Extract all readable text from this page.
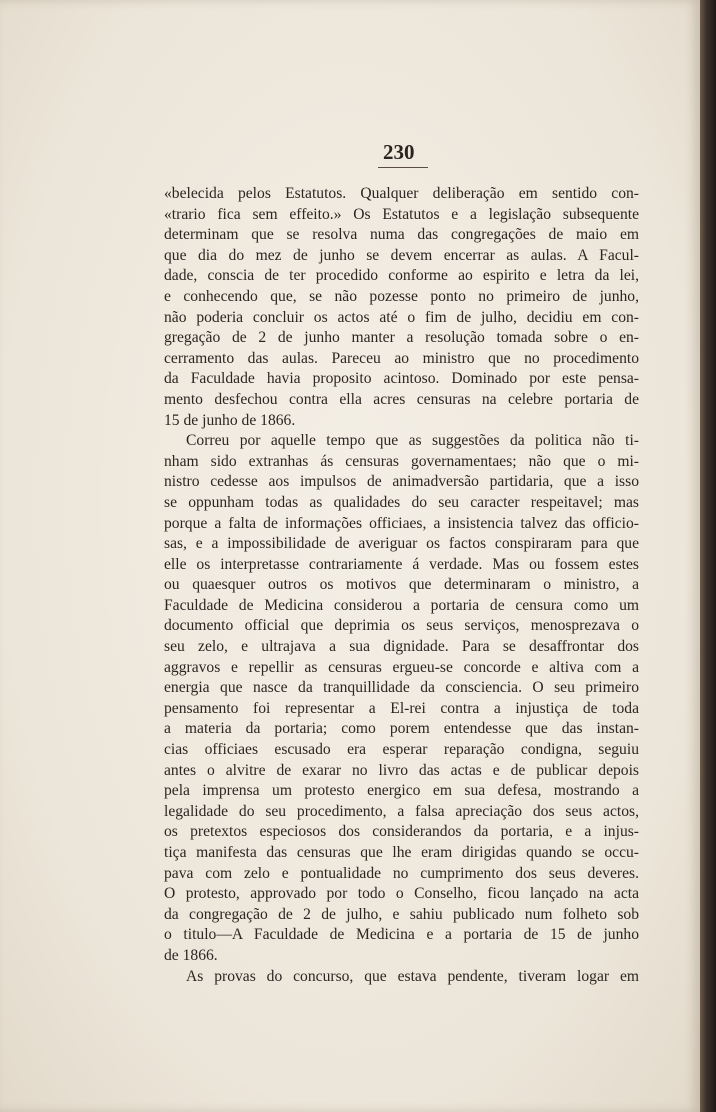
230
«belecida pelos Estatutos. Qualquer deliberação em sentido con-
«trario fica sem effeito.» Os Estatutos e a legislação subsequente
determinam que se resolva numa das congregações de maio em
que dia do mez de junho se devem encerrar as aulas. A Facul-
dade, conscia de ter procedido conforme ao espirito e letra da lei,
e conhecendo que, se não pozesse ponto no primeiro de junho,
não poderia concluir os actos até o fim de julho, decidiu em con-
gregação de 2 de junho manter a resolução tomada sobre o en-
cerramento das aulas. Pareceu ao ministro que no procedimento
da Faculdade havia proposito acintoso. Dominado por este pensa-
mento desfechou contra ella acres censuras na celebre portaria de
15 de junho de 1866.
Correu por aquelle tempo que as suggestões da politica não ti-
nham sido extranhas ás censuras governamentaes; não que o mi-
nistro cedesse aos impulsos de animadversão partidaria, que a isso
se oppunham todas as qualidades do seu caracter respeitavel; mas
porque a falta de informações officiaes, a insistencia talvez das officio-
sas, e a impossibilidade de averiguar os factos conspiraram para que
elle os interpretasse contrariamente á verdade. Mas ou fossem estes
ou quaesquer outros os motivos que determinaram o ministro, a
Faculdade de Medicina considerou a portaria de censura como um
documento official que deprimia os seus serviços, menosprezava o
seu zelo, e ultrajava a sua dignidade. Para se desaffrontar dos
aggravos e repellir as censuras ergueu-se concorde e altiva com a
energia que nasce da tranquillidade da consciencia. O seu primeiro
pensamento foi representar a El-rei contra a injustiça de toda
a materia da portaria; como porem entendesse que das instan-
cias officiaes escusado era esperar reparação condigna, seguiu
antes o alvitre de exarar no livro das actas e de publicar depois
pela imprensa um protesto energico em sua defesa, mostrando a
legalidade do seu procedimento, a falsa apreciação dos seus actos,
os pretextos especiosos dos considerandos da portaria, e a injus-
tiça manifesta das censuras que lhe eram dirigidas quando se occu-
pava com zelo e pontualidade no cumprimento dos seus deveres.
O protesto, approvado por todo o Conselho, ficou lançado na acta
da congregação de 2 de julho, e sahiu publicado num folheto sob
o titulo—A Faculdade de Medicina e a portaria de 15 de junho
de 1866.
As provas do concurso, que estava pendente, tiveram logar em
